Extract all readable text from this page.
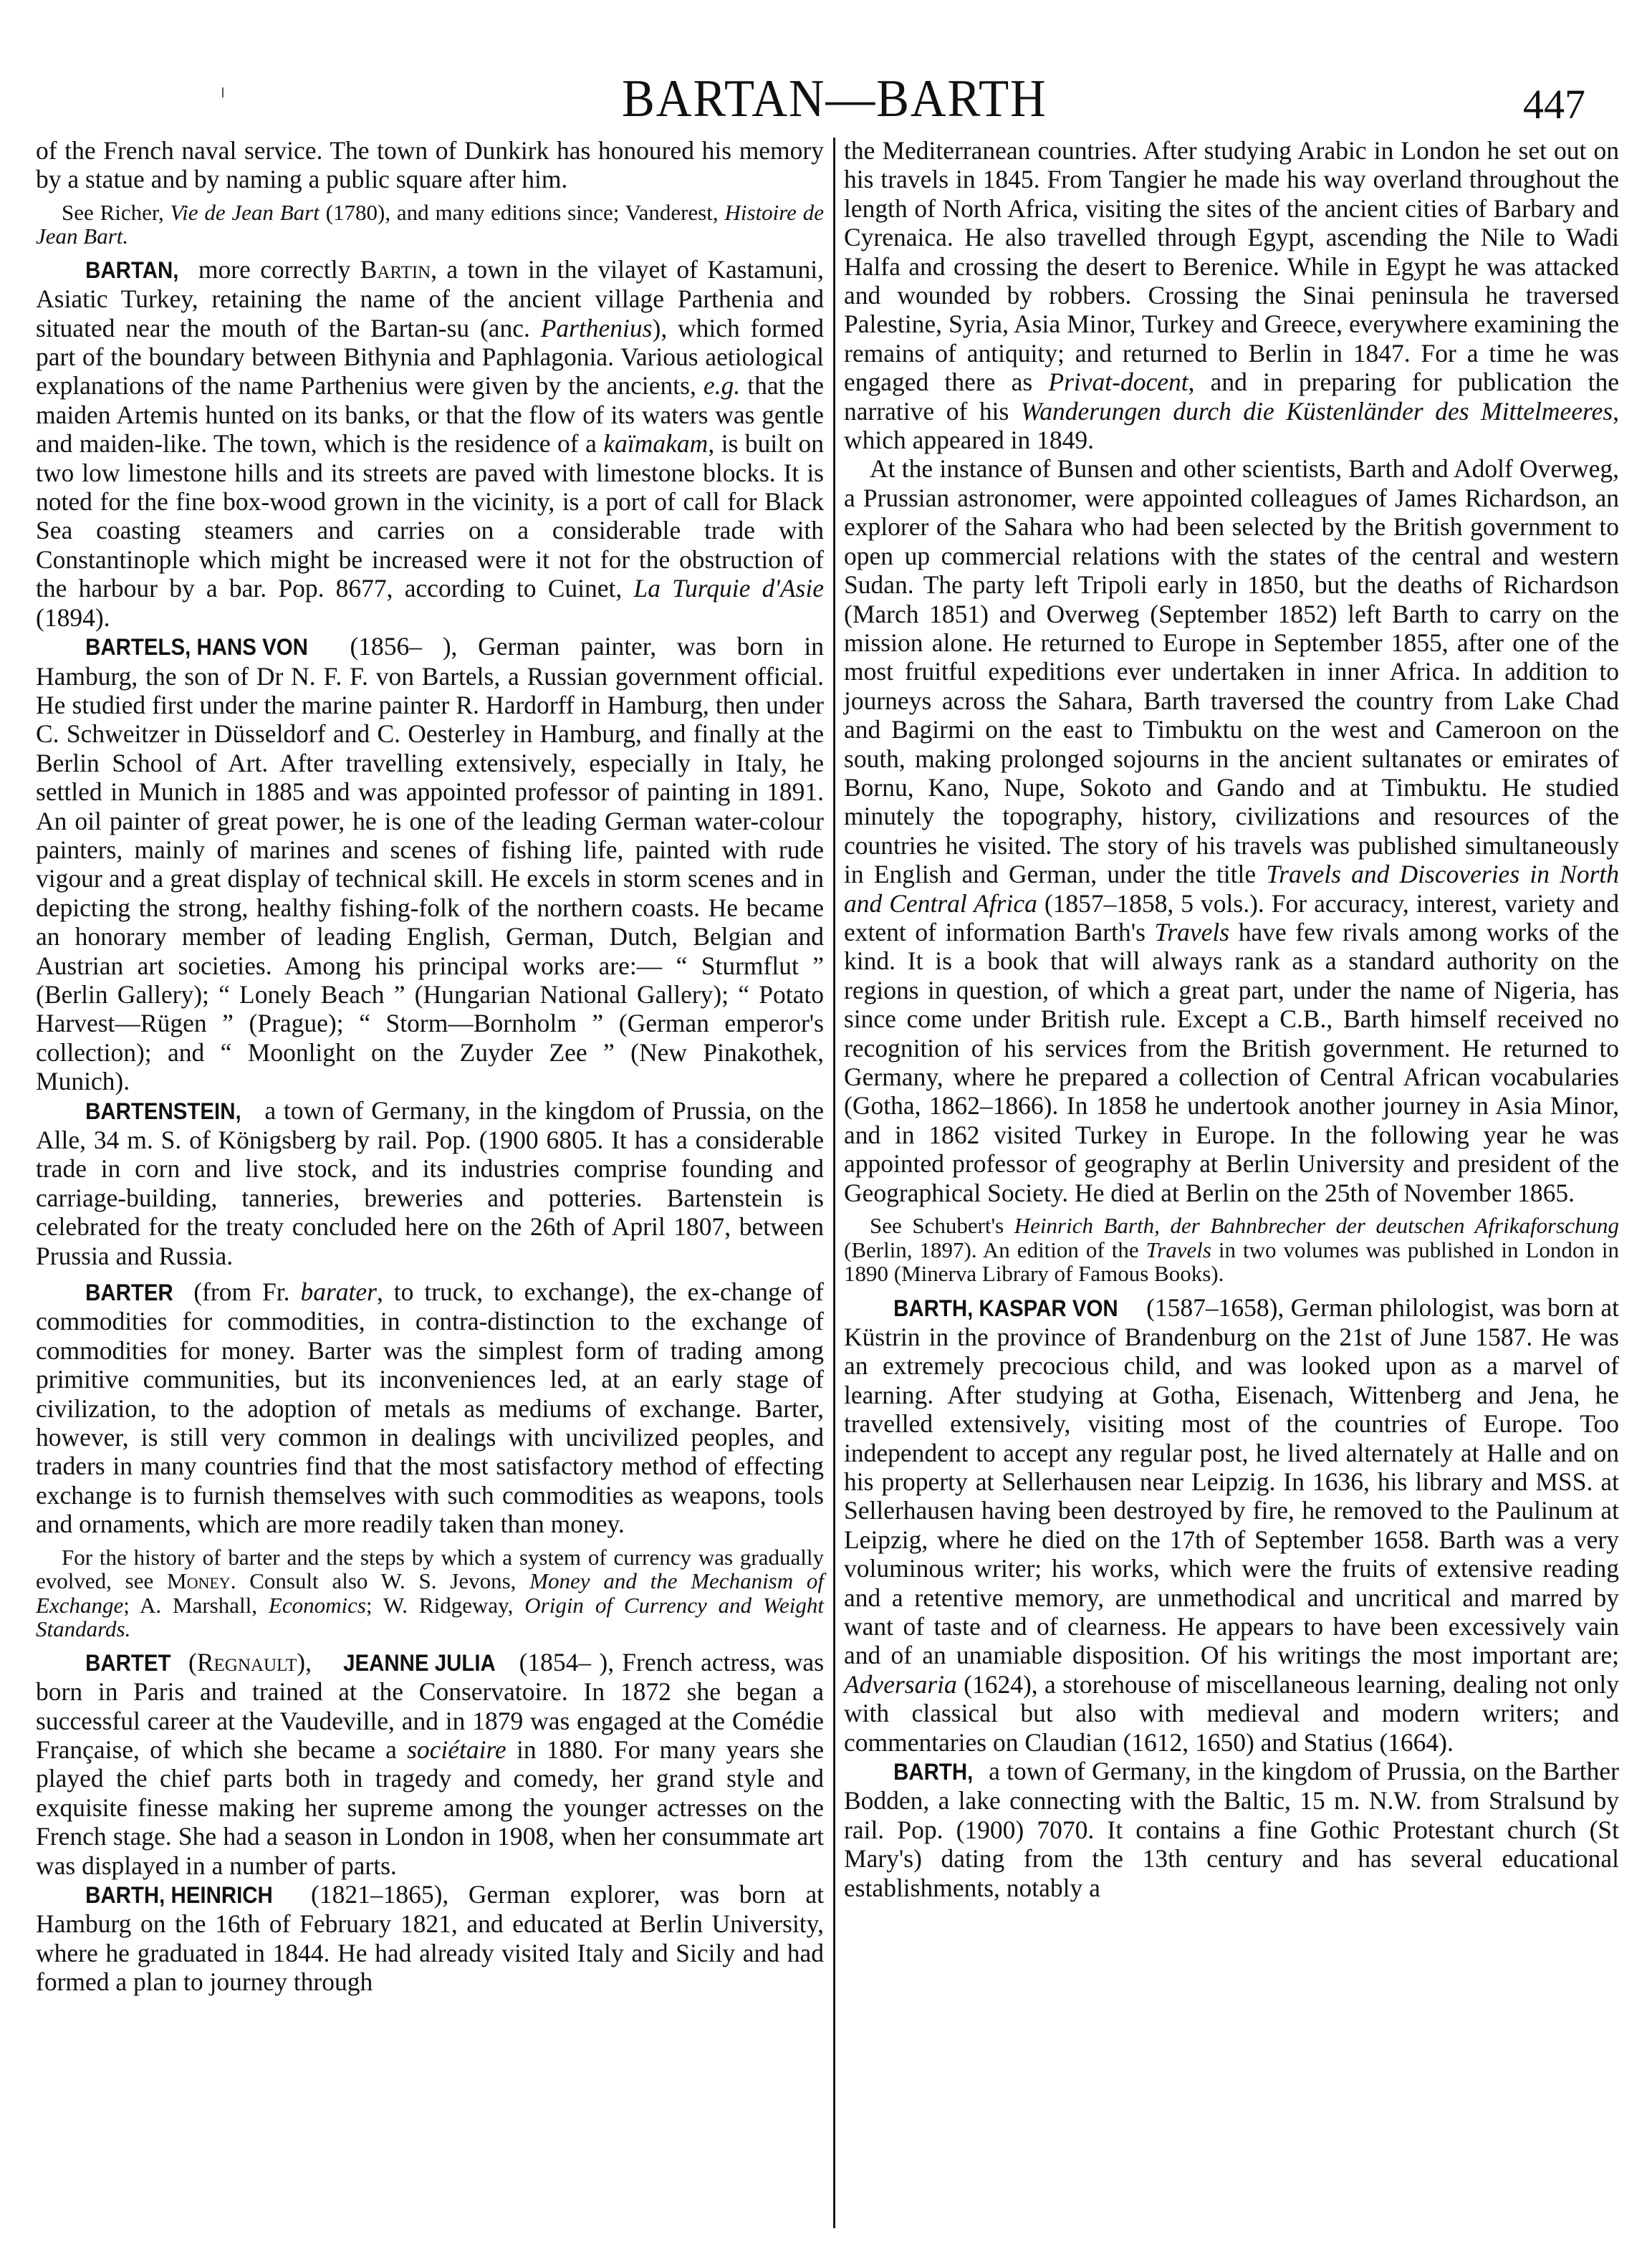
BARTAN—BARTH	447

of the French naval service. The town of Dunkirk has honoured his memory by a statue and by naming a public square after him.

See Richer, Vie de Jean Bart (1780), and many editions since; Vanderest, Histoire de Jean Bart.

BARTAN, more correctly Bartin, a town in the vilayet of Kastamuni, Asiatic Turkey, retaining the name of the ancient village Parthenia and situated near the mouth of the Bartan-su (anc. Parthenius), which formed part of the boundary between Bithynia and Paphlagonia. Various aetiological explanations of the name Parthenius were given by the ancients, e.g. that the maiden Artemis hunted on its banks, or that the flow of its waters was gentle and maiden-like. The town, which is the residence of a kaïmakam, is built on two low limestone hills and its streets are paved with limestone blocks. It is noted for the fine box-wood grown in the vicinity, is a port of call for Black Sea coasting steamers and carries on a considerable trade with Constantinople which might be increased were it not for the obstruction of the harbour by a bar. Pop. 8677, according to Cuinet, La Turquie d'Asie (1894).

BARTELS, HANS VON (1856– ), German painter, was born in Hamburg, the son of Dr N. F. F. von Bartels, a Russian government official. He studied first under the marine painter R. Hardorff in Hamburg, then under C. Schweitzer in Düsseldorf and C. Oesterley in Hamburg, and finally at the Berlin School of Art. After travelling extensively, especially in Italy, he settled in Munich in 1885 and was appointed professor of painting in 1891. An oil painter of great power, he is one of the leading German water-colour painters, mainly of marines and scenes of fishing life, painted with rude vigour and a great display of technical skill. He excels in storm scenes and in depicting the strong, healthy fishing-folk of the northern coasts. He became an honorary member of leading English, German, Dutch, Belgian and Austrian art societies. Among his principal works are:— “ Sturmflut ” (Berlin Gallery); “ Lonely Beach ” (Hungarian National Gallery); “ Potato Harvest—Rügen ” (Prague); “ Storm—Bornholm ” (German emperor's collection); and “ Moonlight on the Zuyder Zee ” (New Pinakothek, Munich).

BARTENSTEIN, a town of Germany, in the kingdom of Prussia, on the Alle, 34 m. S. of Königsberg by rail. Pop. (1900 6805. It has a considerable trade in corn and live stock, and its industries comprise founding and carriage-building, tanneries, breweries and potteries. Bartenstein is celebrated for the treaty concluded here on the 26th of April 1807, between Prussia and Russia.

BARTER (from Fr. barater, to truck, to exchange), the ex-change of commodities for commodities, in contra-distinction to the exchange of commodities for money. Barter was the simplest form of trading among primitive communities, but its inconveniences led, at an early stage of civilization, to the adoption of metals as mediums of exchange. Barter, however, is still very common in dealings with uncivilized peoples, and traders in many countries find that the most satisfactory method of effecting exchange is to furnish themselves with such commodities as weapons, tools and ornaments, which are more readily taken than money.

For the history of barter and the steps by which a system of currency was gradually evolved, see Money. Consult also W. S. Jevons, Money and the Mechanism of Exchange; A. Marshall, Economics; W. Ridgeway, Origin of Currency and Weight Standards.

BARTET (Regnault), JEANNE JULIA (1854– ), French actress, was born in Paris and trained at the Conservatoire. In 1872 she began a successful career at the Vaudeville, and in 1879 was engaged at the Comédie Française, of which she became a sociétaire in 1880. For many years she played the chief parts both in tragedy and comedy, her grand style and exquisite finesse making her supreme among the younger actresses on the French stage. She had a season in London in 1908, when her consummate art was displayed in a number of parts.

BARTH, HEINRICH (1821–1865), German explorer, was born at Hamburg on the 16th of February 1821, and educated at Berlin University, where he graduated in 1844. He had already visited Italy and Sicily and had formed a plan to journey through

the Mediterranean countries. After studying Arabic in London he set out on his travels in 1845. From Tangier he made his way overland throughout the length of North Africa, visiting the sites of the ancient cities of Barbary and Cyrenaica. He also travelled through Egypt, ascending the Nile to Wadi Halfa and crossing the desert to Berenice. While in Egypt he was attacked and wounded by robbers. Crossing the Sinai peninsula he traversed Palestine, Syria, Asia Minor, Turkey and Greece, everywhere examining the remains of antiquity; and returned to Berlin in 1847. For a time he was engaged there as Privat-docent, and in preparing for publication the narrative of his Wanderungen durch die Küstenländer des Mittelmeeres, which appeared in 1849.

At the instance of Bunsen and other scientists, Barth and Adolf Overweg, a Prussian astronomer, were appointed colleagues of James Richardson, an explorer of the Sahara who had been selected by the British government to open up commercial relations with the states of the central and western Sudan. The party left Tripoli early in 1850, but the deaths of Richardson (March 1851) and Overweg (September 1852) left Barth to carry on the mission alone. He returned to Europe in September 1855, after one of the most fruitful expeditions ever undertaken in inner Africa. In addition to journeys across the Sahara, Barth traversed the country from Lake Chad and Bagirmi on the east to Timbuktu on the west and Cameroon on the south, making prolonged sojourns in the ancient sultanates or emirates of Bornu, Kano, Nupe, Sokoto and Gando and at Timbuktu. He studied minutely the topography, history, civilizations and resources of the countries he visited. The story of his travels was published simultaneously in English and German, under the title Travels and Discoveries in North and Central Africa (1857–1858, 5 vols.). For accuracy, interest, variety and extent of information Barth's Travels have few rivals among works of the kind. It is a book that will always rank as a standard authority on the regions in question, of which a great part, under the name of Nigeria, has since come under British rule. Except a C.B., Barth himself received no recognition of his services from the British government. He returned to Germany, where he prepared a collection of Central African vocabularies (Gotha, 1862–1866). In 1858 he undertook another journey in Asia Minor, and in 1862 visited Turkey in Europe. In the following year he was appointed professor of geography at Berlin University and president of the Geographical Society. He died at Berlin on the 25th of November 1865.

See Schubert's Heinrich Barth, der Bahnbrecher der deutschen Afrikaforschung (Berlin, 1897). An edition of the Travels in two volumes was published in London in 1890 (Minerva Library of Famous Books).

BARTH, KASPAR VON (1587–1658), German philologist, was born at Küstrin in the province of Brandenburg on the 21st of June 1587. He was an extremely precocious child, and was looked upon as a marvel of learning. After studying at Gotha, Eisenach, Wittenberg and Jena, he travelled extensively, visiting most of the countries of Europe. Too independent to accept any regular post, he lived alternately at Halle and on his property at Sellerhausen near Leipzig. In 1636, his library and MSS. at Sellerhausen having been destroyed by fire, he removed to the Paulinum at Leipzig, where he died on the 17th of September 1658. Barth was a very voluminous writer; his works, which were the fruits of extensive reading and a retentive memory, are unmethodical and uncritical and marred by want of taste and of clearness. He appears to have been excessively vain and of an unamiable disposition. Of his writings the most important are; Adversaria (1624), a storehouse of miscellaneous learning, dealing not only with classical but also with medieval and modern writers; and commentaries on Claudian (1612, 1650) and Statius (1664).

BARTH, a town of Germany, in the kingdom of Prussia, on the Barther Bodden, a lake connecting with the Baltic, 15 m. N.W. from Stralsund by rail. Pop. (1900) 7070. It contains a fine Gothic Protestant church (St Mary's) dating from the 13th century and has several educational establishments, notably a
